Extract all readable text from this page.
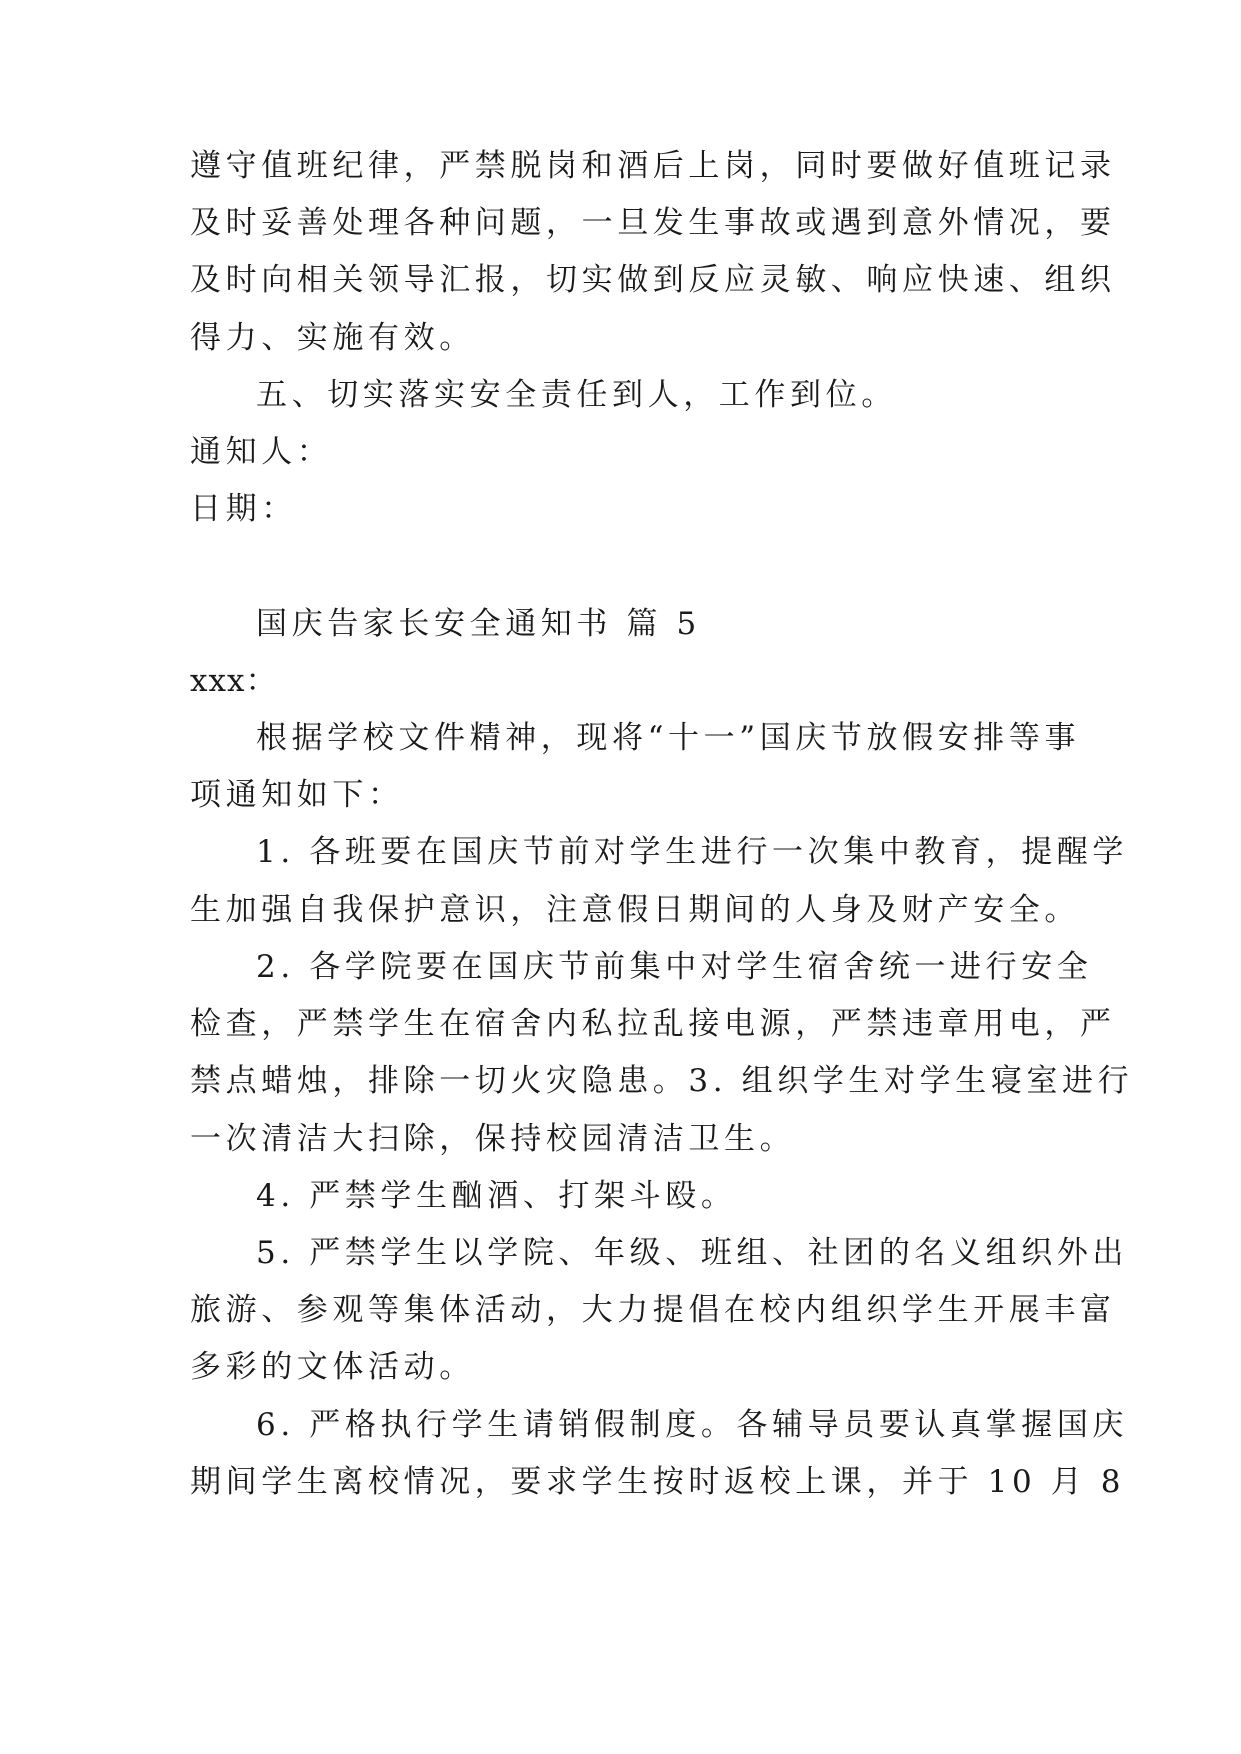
遵守值班纪律，严禁脱岗和酒后上岗，同时要做好值班记录
及时妥善处理各种问题，一旦发生事故或遇到意外情况，要
及时向相关领导汇报，切实做到反应灵敏、响应快速、组织
得力、实施有效。
五、切实落实安全责任到人，工作到位。
通知人：
日期：
国庆告家长安全通知书 篇 5
xxx：
根据学校文件精神，现将“十一”国庆节放假安排等事
项通知如下：
1. 各班要在国庆节前对学生进行一次集中教育，提醒学
生加强自我保护意识，注意假日期间的人身及财产安全。
2. 各学院要在国庆节前集中对学生宿舍统一进行安全
检查，严禁学生在宿舍内私拉乱接电源，严禁违章用电，严
禁点蜡烛，排除一切火灾隐患。3. 组织学生对学生寝室进行
一次清洁大扫除，保持校园清洁卫生。
4. 严禁学生酗酒、打架斗殴。
5. 严禁学生以学院、年级、班组、社团的名义组织外出
旅游、参观等集体活动，大力提倡在校内组织学生开展丰富
多彩的文体活动。
6. 严格执行学生请销假制度。各辅导员要认真掌握国庆
期间学生离校情况，要求学生按时返校上课，并于 10 月 8
